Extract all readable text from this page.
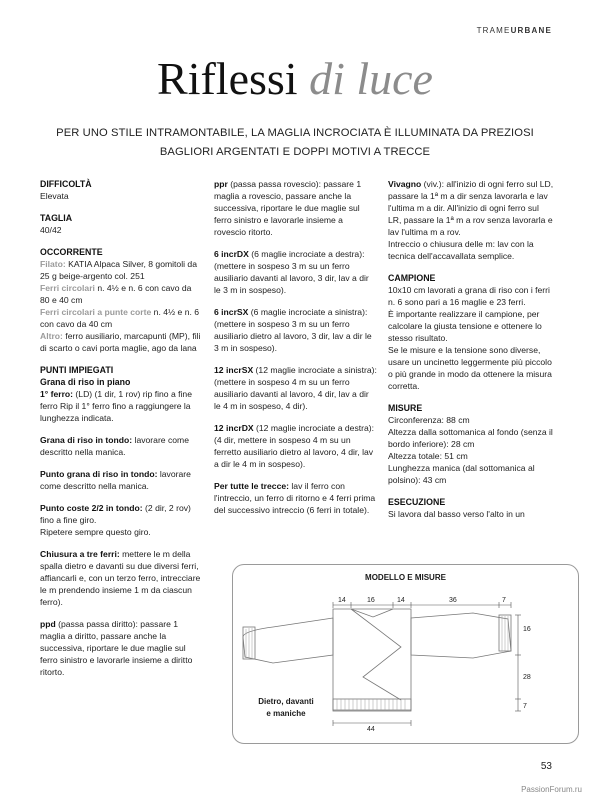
TRAMEURBANE
Riflessi di luce
PER UNO STILE INTRAMONTABILE, LA MAGLIA INCROCIATA È ILLUMINATA DA PREZIOSI BAGLIORI ARGENTATI E DOPPI MOTIVI A TRECCE

DIFFICOLTÀ
Elevata

TAGLIA
40/42

OCCORRENTE
Filato: KATIA Alpaca Silver, 8 gomitoli da 25 g beige-argento col. 251
Ferri circolari n. 4½ e n. 6 con cavo da 80 e 40 cm
Ferri circolari a punte corte n. 4½ e n. 6 con cavo da 40 cm
Altro: ferro ausiliario, marcapunti (MP), fili di scarto o cavi porta maglie, ago da lana

PUNTI IMPIEGATI
Grana di riso in piano
1° ferro: (LD) (1 dir, 1 rov) rip fino a fine ferro Rip il 1° ferro fino a raggiungere la lunghezza indicata.

Grana di riso in tondo: lavorare come descritto nella manica.

Punto grana di riso in tondo: lavorare come descritto nella manica.

Punto coste 2/2 in tondo: (2 dir, 2 rov) fino a fine giro.
Ripetere sempre questo giro.

Chiusura a tre ferri: mettere le m della spalla dietro e davanti su due diversi ferri, affiancarli e, con un terzo ferro, intrecciare le m prendendo insieme 1 m da ciascun ferro).

ppd (passa passa diritto): passare 1 maglia a diritto, passare anche la successiva, riportare le due maglie sul ferro sinistro e lavorarle insieme a diritto ritorto.

ppr (passa passa rovescio): passare 1 maglia a rovescio, passare anche la successiva, riportare le due maglie sul ferro sinistro e lavorarle insieme a rovescio ritorto.

6 incrDX (6 maglie incrociate a destra): (mettere in sospeso 3 m su un ferro ausiliario davanti al lavoro, 3 dir, lav a dir le 3 m in sospeso).

6 incrSX (6 maglie incrociate a sinistra): (mettere in sospeso 3 m su un ferro ausiliario dietro al lavoro, 3 dir, lav a dir le 3 m in sospeso).

12 incrSX (12 maglie incrociate a sinistra): (mettere in sospeso 4 m su un ferro ausiliario davanti al lavoro, 4 dir, lav a dir le 4 m in sospeso, 4 dir).

12 incrDX (12 maglie incrociate a destra): (4 dir, mettere in sospeso 4 m su un ferretto ausiliario dietro al lavoro, 4 dir, lav a dir le 4 m in sospeso).

Per tutte le trecce: lav il ferro con l'intreccio, un ferro di ritorno e 4 ferri prima del successivo intreccio (6 ferri in totale).

Vivagno (viv.): all'inizio di ogni ferro sul LD, passare la 1ª m a dir senza lavorarla e lav l'ultima m a dir. All'inizio di ogni ferro sul LR, passare la 1ª m a rov senza lavorarla e lav l'ultima m a rov.
Intreccio o chiusura delle m: lav con la tecnica dell'accavallata semplice.

CAMPIONE
10x10 cm lavorati a grana di riso con i ferri n. 6 sono pari a 16 maglie e 23 ferri.
È importante realizzare il campione, per calcolare la giusta tensione e ottenere lo stesso risultato.
Se le misure e la tensione sono diverse, usare un uncinetto leggermente più piccolo o più grande in modo da ottenere la misura corretta.

MISURE
Circonferenza: 88 cm
Altezza dalla sottomanica al fondo (senza il bordo inferiore): 28 cm
Altezza totale: 51 cm
Lunghezza manica (dal sottomanica al polsino): 43 cm

ESECUZIONE
Si lavora dal basso verso l'alto in un

MODELLO E MISURE
14	16	14	36	7
16
28
7
44
Dietro, davanti
e maniche
53
PassionForum.ru
